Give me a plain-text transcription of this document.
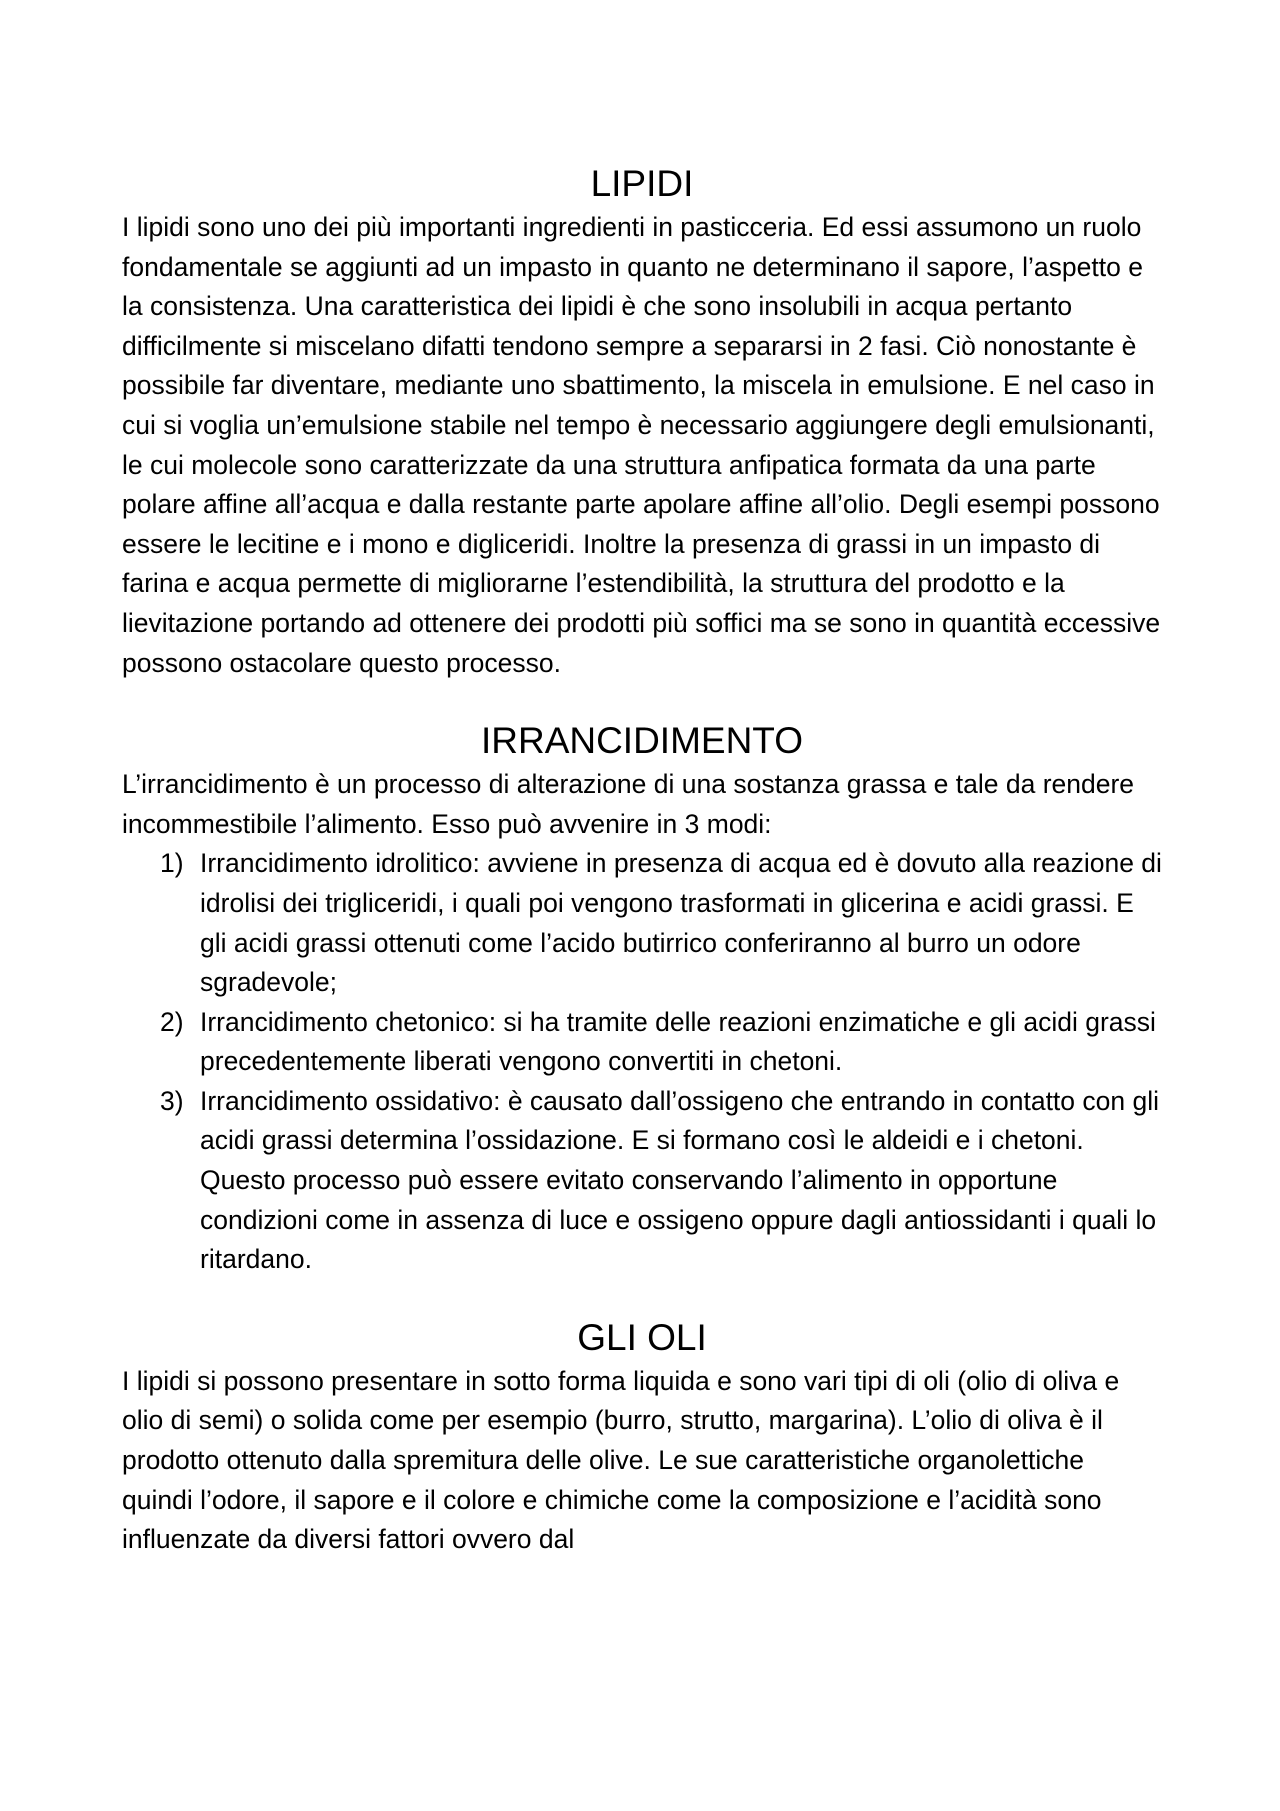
LIPIDI

I lipidi sono uno dei più importanti ingredienti in pasticceria. Ed essi assumono un ruolo fondamentale se aggiunti ad un impasto in quanto ne determinano il sapore, l’aspetto e la consistenza. Una caratteristica dei lipidi è che sono insolubili in acqua pertanto difficilmente si miscelano difatti tendono sempre a separarsi in 2 fasi. Ciò nonostante è possibile far diventare, mediante uno sbattimento, la miscela in emulsione. E nel caso in cui si voglia un’emulsione stabile nel tempo è necessario aggiungere degli emulsionanti, le cui molecole sono caratterizzate da una struttura anfipatica formata da una parte polare affine all’acqua e dalla restante parte apolare affine all’olio. Degli esempi possono essere le lecitine e i mono e digliceridi. Inoltre la presenza di grassi in un impasto di farina e acqua permette di migliorarne l’estendibilità, la struttura del prodotto e la lievitazione portando ad ottenere dei prodotti più soffici ma se sono in quantità eccessive possono ostacolare questo processo.

IRRANCIDIMENTO

L’irrancidimento è un processo di alterazione di una sostanza grassa e tale da rendere incommestibile l’alimento. Esso può avvenire in 3 modi:

1) Irrancidimento idrolitico: avviene in presenza di acqua ed è dovuto alla reazione di idrolisi dei trigliceridi, i quali poi vengono trasformati in glicerina e acidi grassi. E gli acidi grassi ottenuti come l’acido butirrico conferiranno al burro un odore sgradevole;
2) Irrancidimento chetonico: si ha tramite delle reazioni enzimatiche e gli acidi grassi precedentemente liberati vengono convertiti in chetoni.
3) Irrancidimento ossidativo: è causato dall’ossigeno che entrando in contatto con gli acidi grassi determina l’ossidazione. E si formano così le aldeidi e i chetoni. Questo processo può essere evitato conservando l’alimento in opportune condizioni come in assenza di luce e ossigeno oppure dagli antiossidanti i quali lo ritardano.
GLI OLI

I lipidi si possono presentare in sotto forma liquida e sono vari tipi di oli (olio di oliva e olio di semi) o solida come per esempio (burro, strutto, margarina). L’olio di oliva è il prodotto ottenuto dalla spremitura delle olive. Le sue caratteristiche organolettiche quindi l’odore, il sapore e il colore e chimiche come la composizione e l’acidità sono influenzate da diversi fattori ovvero dal
